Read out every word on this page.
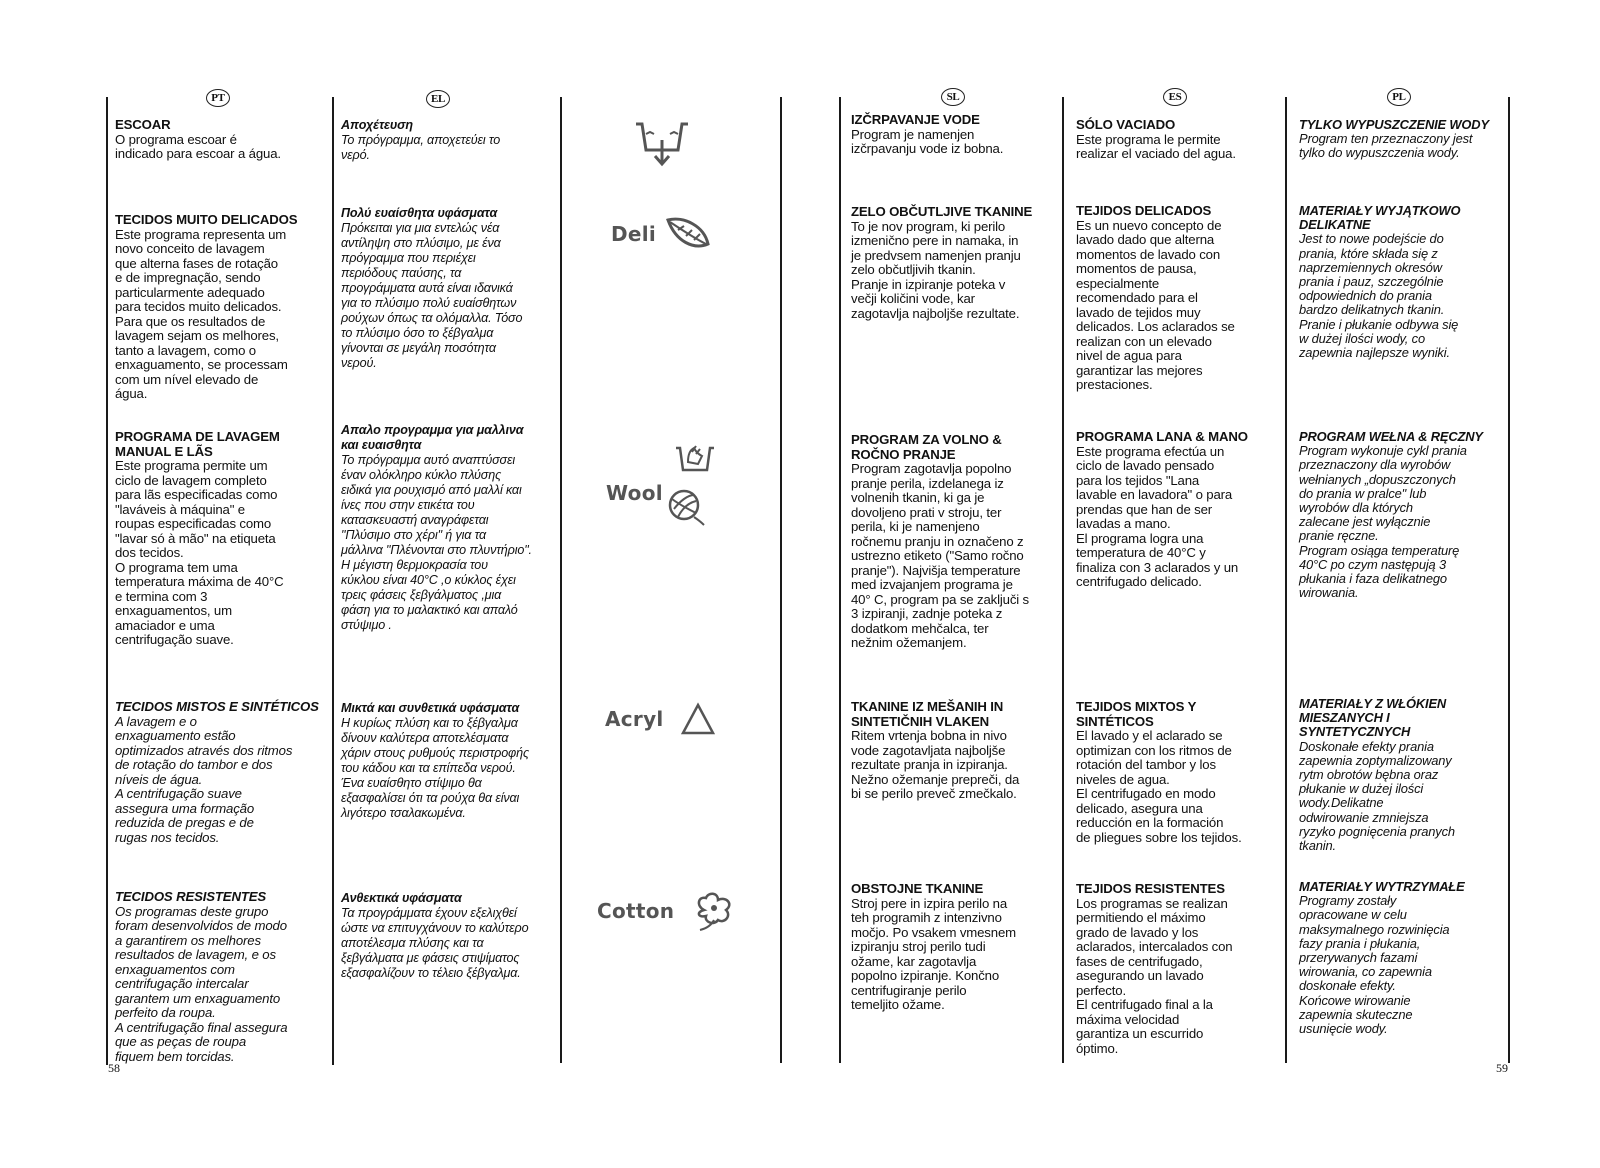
PT	EL	SL	ES	PL
ESCOAR

O programa escoar é
indicado para escoar a água.

TECIDOS MUITO DELICADOS

Este programa representa um
novo conceito de lavagem
que alterna fases de rotação
e de impregnação, sendo
particularmente adequado
para tecidos muito delicados.
Para que os resultados de
lavagem sejam os melhores,
tanto a lavagem, como o
enxaguamento, se processam
com um nível elevado de
água.

PROGRAMA DE LAVAGEM
MANUAL E LÃS

Este programa permite um
ciclo de lavagem completo
para lãs especificadas como
"laváveis à máquina" e
roupas especificadas como
"lavar só à mão" na etiqueta
dos tecidos.
O programa tem uma
temperatura máxima de 40°C
e termina com 3
enxaguamentos, um
amaciador e uma
centrifugação suave.

TECIDOS MISTOS E SINTÉTICOS

A lavagem e o
enxaguamento estão
optimizados através dos ritmos
de rotação do tambor e dos
níveis de água.
A centrifugação suave
assegura uma formação
reduzida de pregas e de
rugas nos tecidos.

TECIDOS RESISTENTES

Os programas deste grupo
foram desenvolvidos de modo
a garantirem os melhores
resultados de lavagem, e os
enxaguamentos com
centrifugação intercalar
garantem um enxaguamento
perfeito da roupa.
A centrifugação final assegura
que as peças de roupa
fiquem bem torcidas.

Αποχέτευση

Το πρόγραμμα, αποχετεύει το
νερό.

Πολύ ευαίσθητα υφάσματα

Πρόκειται για μια εντελώς νέα
αντίληψη στο πλύσιμο, με ένα
πρόγραμμα που περιέχει
περιόδους παύσης, τα
προγράμματα αυτά είναι ιδανικά
για το πλύσιμο πολύ ευαίσθητων
ρούχων όπως τα ολόμαλλα. Τόσο
το πλύσιμο όσο το ξέβγαλμα
γίνονται σε μεγάλη ποσότητα
νερού.

Απαλο προγραμμα για μαλλινα
και ευαισθητα

Το πρόγραμμα αυτό αναπτύσσει
έναν ολόκληρο κύκλο πλύσης
ειδικά για ρουχισμό από μαλλί και
ίνες που στην ετικέτα του
κατασκευαστή αναγράφεται
"Πλύσιμο στο χέρι" ή για τα
μάλλινα "Πλένονται στο πλυντήριο".
Η μέγιστη θερμοκρασία του
κύκλου είναι 40°C ,ο κύκλος έχει
τρεις φάσεις ξεβγάλματος ,μια
φάση για το μαλακτικό και απαλό
στύψιμο .

Μικτά και συνθετικά υφάσματα

Η κυρίως πλύση και το ξέβγαλμα
δίνουν καλύτερα αποτελέσματα
χάριν στους ρυθμούς περιστροφής
του κάδου και τα επίπεδα νερού.
Ένα ευαίσθητο στίψιμο θα
εξασφαλίσει ότι τα ρούχα θα είναι
λιγότερο τσαλακωμένα.

Ανθεκτικά υφάσματα

Τα προγράμματα έχουν εξελιχθεί
ώστε να επιτυγχάνουν το καλύτερο
αποτέλεσμα πλύσης και τα
ξεβγάλματα με φάσεις στιψίματος
εξασφαλίζουν το τέλειο ξέβγαλμα.

Deli
Wool
Acryl
Cotton
IZČRPAVANJE VODE

Program je namenjen
izčrpavanju vode iz bobna.

ZELO OBČUTLJIVE TKANINE

To je nov program, ki perilo
izmenično pere in namaka, in
je predvsem namenjen pranju
zelo občutljivih tkanin.
Pranje in izpiranje poteka v
večji količini vode, kar
zagotavlja najboljše rezultate.

PROGRAM ZA VOLNO &
ROČNO PRANJE

Program zagotavlja popolno
pranje perila, izdelanega iz
volnenih tkanin, ki ga je
dovoljeno prati v stroju, ter
perila, ki je namenjeno
ročnemu pranju in označeno z
ustrezno etiketo ("Samo ročno
pranje"). Najvišja temperature
med izvajanjem programa je
40° C, program pa se zaključi s
3 izpiranji, zadnje poteka z
dodatkom mehčalca, ter
nežnim ožemanjem.

TKANINE IZ MEŠANIH IN
SINTETIČNIH VLAKEN

Ritem vrtenja bobna in nivo
vode zagotavljata najboljše
rezultate pranja in izpiranja.
Nežno ožemanje prepreči, da
bi se perilo preveč zmečkalo.

OBSTOJNE TKANINE

Stroj pere in izpira perilo na
teh programih z intenzivno
močjo. Po vsakem vmesnem
izpiranju stroj perilo tudi
ožame, kar zagotavlja
popolno izpiranje. Končno
centrifugiranje perilo
temeljito ožame.

SÓLO VACIADO

Este programa le permite
realizar el vaciado del agua.

TEJIDOS DELICADOS

Es un nuevo concepto de
lavado dado que alterna
momentos de lavado con
momentos de pausa,
especialmente
recomendado para el
lavado de tejidos muy
delicados. Los aclarados se
realizan con un elevado
nivel de agua para
garantizar las mejores
prestaciones.

PROGRAMA LANA & MANO

Este programa efectúa un
ciclo de lavado pensado
para los tejidos "Lana
lavable en lavadora" o para
prendas que han de ser
lavadas a mano.
El programa logra una
temperatura de 40°C y
finaliza con 3 aclarados y un
centrifugado delicado.

TEJIDOS MIXTOS Y
SINTÉTICOS

El lavado y el aclarado se
optimizan con los ritmos de
rotación del tambor y los
niveles de agua.
El centrifugado en modo
delicado, asegura una
reducción en la formación
de pliegues sobre los tejidos.

TEJIDOS RESISTENTES

Los programas se realizan
permitiendo el máximo
grado de lavado y los
aclarados, intercalados con
fases de centrifugado,
asegurando un lavado
perfecto.
El centrifugado final a la
máxima velocidad
garantiza un escurrido
óptimo.

TYLKO WYPUSZCZENIE WODY

Program ten przeznaczony jest
tylko do wypuszczenia wody.

MATERIAŁY WYJĄTKOWO
DELIKATNE

Jest to nowe podejście do
prania, które składa się z
naprzemiennych okresów
prania i pauz, szczególnie
odpowiednich do prania
bardzo delikatnych tkanin.
Pranie i płukanie odbywa się
w dużej ilości wody, co
zapewnia najlepsze wyniki.

PROGRAM WEŁNA & RĘCZNY

Program wykonuje cykl prania
przeznaczony dla wyrobów
wełnianych „dopuszczonych
do prania w pralce" lub
wyrobów dla których
zalecane jest wyłącznie
pranie ręczne.
Program osiąga temperaturę
40°C po czym następują 3
płukania i faza delikatnego
wirowania.

MATERIAŁY Z WŁÓKIEN
MIESZANYCH I
SYNTETYCZNYCH

Doskonałe efekty prania
zapewnia zoptymalizowany
rytm obrotów bębna oraz
płukanie w dużej ilości
wody.Delikatne
odwirowanie zmniejsza
ryzyko pognięcenia pranych
tkanin.

MATERIAŁY WYTRZYMAŁE

Programy zostały
opracowane w celu
maksymalnego rozwinięcia
fazy prania i płukania,
przerywanych fazami
wirowania, co zapewnia
doskonałe efekty.
Końcowe wirowanie
zapewnia skuteczne
usunięcie wody.

58	59
